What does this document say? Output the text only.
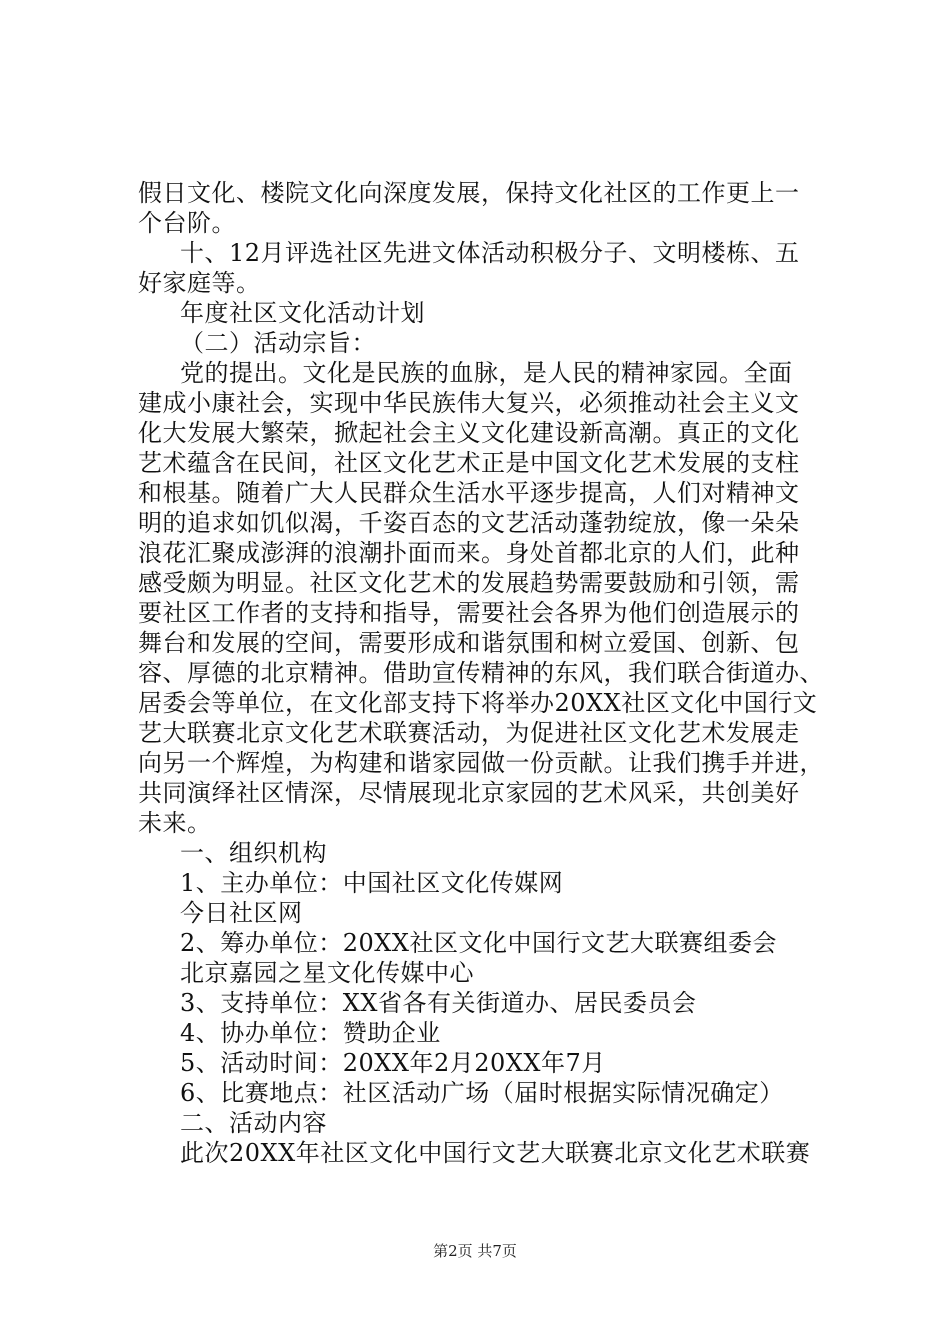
假日文化、楼院文化向深度发展，保持文化社区的工作更上一
个台阶。
十、12月评选社区先进文体活动积极分子、文明楼栋、五
好家庭等。
年度社区文化活动计划
（二）活动宗旨：
党的提出。文化是民族的血脉，是人民的精神家园。全面
建成小康社会，实现中华民族伟大复兴，必须推动社会主义文
化大发展大繁荣，掀起社会主义文化建设新高潮。真正的文化
艺术蕴含在民间，社区文化艺术正是中国文化艺术发展的支柱
和根基。随着广大人民群众生活水平逐步提高，人们对精神文
明的追求如饥似渴，千姿百态的文艺活动蓬勃绽放，像一朵朵
浪花汇聚成澎湃的浪潮扑面而来。身处首都北京的人们，此种
感受颇为明显。社区文化艺术的发展趋势需要鼓励和引领，需
要社区工作者的支持和指导，需要社会各界为他们创造展示的
舞台和发展的空间，需要形成和谐氛围和树立爱国、创新、包
容、厚德的北京精神。借助宣传精神的东风，我们联合街道办、
居委会等单位，在文化部支持下将举办20XX社区文化中国行文
艺大联赛北京文化艺术联赛活动，为促进社区文化艺术发展走
向另一个辉煌，为构建和谐家园做一份贡献。让我们携手并进，
共同演绎社区情深，尽情展现北京家园的艺术风采，共创美好
未来。
一、组织机构
1、主办单位：中国社区文化传媒网
今日社区网
2、筹办单位：20XX社区文化中国行文艺大联赛组委会
北京嘉园之星文化传媒中心
3、支持单位：XX省各有关街道办、居民委员会
4、协办单位：赞助企业
5、活动时间：20XX年2月20XX年7月
6、比赛地点：社区活动广场（届时根据实际情况确定）
二、活动内容
此次20XX年社区文化中国行文艺大联赛北京文化艺术联赛
第2页 共7页
